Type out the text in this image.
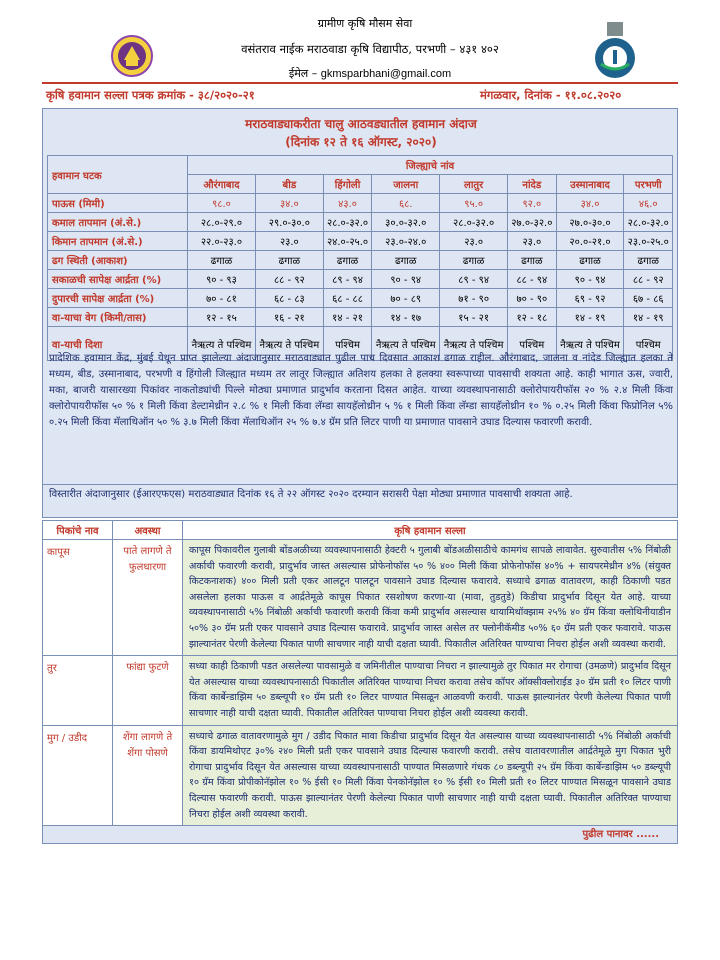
ग्रामीण कृषि मौसम सेवा
वसंतराव नाईक मराठवाडा कृषि विद्यापीठ, परभणी – ४३१ ४०२
ईमेल – gkmsparbhani@gmail.com
कृषि हवामान सल्ला पत्रक क्रमांक - ३८/२०२०-२१	मंगळवार, दिनांक - ११.०८.२०२०
मराठवाड्याकरीता चालु आठवड्यातील हवामान अंदाज
(दिनांक १२ ते १६ ऑगस्ट, २०२०)
हवामान घटक	जिल्ह्याचे नांव							
	औरंगाबाद	बीड	हिंगोली	जालना	लातुर	नांदेड	उस्मानाबाद	परभणी
पाऊस (मिमी)	९८.०	३४.०	४३.०	६८.	९५.०	९२.०	३४.०	४६.०
कमाल तापमान (अं.से.)	२८.०-२९.०	२९.०-३०.०	२८.०-३२.०	३०.०-३२.०	२८.०-३२.०	२७.०-३२.०	२७.०-३०.०	२८.०-३२.०
किमान तापमान (अं.से.)	२२.०-२३.०	२३.०	२४.०-२५.०	२३.०-२४.०	२३.०	२३.०	२०.०-२१.०	२३.०-२५.०
ढग स्थिती (आकाश)	ढगाळ	ढगाळ	ढगाळ	ढगाळ	ढगाळ	ढगाळ	ढगाळ	ढगाळ
सकाळची सापेक्ष आर्द्रता (%)	९० - ९३	८८ - ९२	८९ - ९४	९० - ९४	८९ - ९४	८८ - ९४	९० - ९४	८८ - ९२
दुपारची सापेक्ष आर्द्रता (%)	७० - ८१	६८ - ८३	६८ - ८८	७० - ८९	७१ - ९०	७० - ९०	६९ - ९२	६७ - ८६
वा-याचा वेग (किमी/तास)	१२ - १५	१६ - २१	१४ - २१	१४ - १७	१५ - २१	१२ - १८	१४ - १९	१४ - १९
वा-याची दिशा	नैऋत्य ते पश्चिम	नैऋत्य ते पश्चिम	पश्चिम	नैऋत्य ते पश्चिम	नैऋत्य ते पश्चिम	पश्चिम	नैऋत्य ते पश्चिम	पश्चिम
प्रादेशिक हवामान केंद्र, मुंबई येथून प्राप्त झालेल्या अंदाजानुसार मराठवाड्यात पुढील पाच दिवसात आकाश ढगाळ राहील. औरंगाबाद, जालना व नांदेड जिल्ह्यात हलका ते मध्यम, बीड, उस्मानाबाद, परभणी व हिंगोली जिल्ह्यात मध्यम तर लातूर जिल्ह्यात अतिशय हलका ते हलक्या स्वरूपाच्या पावसाची शक्यता आहे. काही भागात ऊस, ज्वारी, मका, बाजरी यासारख्या पिकांवर नाकतोड्यांची पिल्ले मोठ्या प्रमाणात प्रादुर्भाव करताना दिसत आहेत. याच्या व्यवस्थापनासाठी क्लोरोपायरीफॉस २० % २.४ मिली किंवा क्लोरोपायरीफॉस ५० % १ मिली किंवा डेल्टामेथ्रीन २.८ % १ मिली किंवा लॅम्डा सायहॅलोथ्रीन ५ % १ मिली किंवा लॅम्डा सायहॅलोथ्रीन १० % ०.२५ मिली किंवा फिप्रोनिल ५% ०.२५ मिली किंवा मॅलाथिऑन ५० % ३.७ मिली किंवा मॅलाथिऑन २५ % ७.४ ग्रॅम प्रति लिटर पाणी या प्रमाणात पावसाने उघाड दिल्यास फवारणी करावी.
विस्तारीत अंदाजानुसार (ईआरएफएस) मराठवाड्यात दिनांक १६ ते २२ ऑगस्ट २०२० दरम्यान सरासरी पेक्षा मोठ्या प्रमाणात पावसाची शक्यता आहे.
पिकांचे नाव	अवस्था	कृषि हवामान सल्ला
कापूस	पाते लागणे ते फुलधारणा	कापूस पिकावरील गुलाबी बोंडअळीच्या व्यवस्थापनासाठी हेक्टरी ५ गुलाबी बोंडअळीसाठीचे कामगंध सापळे लावावेत. सुरुवातीस ५% निंबोळी अर्काची फवारणी करावी, प्रादुर्भाव जास्त असल्यास प्रोफेनोफॉस ५० % ४०० मिली किंवा प्रोफेनोफॉस ४०% + सायपरमेथ्रीन ४% (संयुक्त किटकनाशक) ४०० मिली प्रती एकर आलटून पालटून पावसाने उघाड दिल्यास फवारावे. सध्याचे ढगाळ वातावरण, काही ठिकाणी पडत असलेला हलका पाऊस व आर्द्रतेमूळे कापूस पिकात रसशोषण करणा-या (मावा, तुडतुडे) किडीचा प्रादुर्भाव दिसून येत आहे. याच्या व्यवस्थापनासाठी ५% निंबोळी अर्काची फवारणी करावी किंवा कमी प्रादुर्भाव असल्यास थायामिथॉक्झाम २५% ४० ग्रॅम किंवा क्लोथिनीयाडीन ५०% ३० ग्रॅम प्रती एकर पावसाने उघाड दिल्यास फवारावे. प्रादुर्भाव जास्त असेल तर फ्लोनीकॅमीड ५०% ६० ग्रॅम प्रती एकर फवारावे. पाऊस झाल्यानंतर पेरणी केलेल्या पिकात पाणी साचणार नाही याची दक्षता घ्यावी. पिकातील अतिरिक्त पाण्याचा निचरा होईल अशी व्यवस्था करावी.
तुर	फांद्या फुटणे	सध्या काही ठिकाणी पडत असलेल्या पावसामुळे व जमिनीतील पाण्याचा निचरा न झाल्यामुळे तुर पिकात मर रोगाचा (उमळणे) प्रादुर्भाव दिसून येत असल्यास याच्या व्यवस्थापनासाठी पिकातील अतिरिक्त पाण्याचा निचरा करावा तसेच कॉपर ऑक्सीक्लोराईड ३० ग्रॅम प्रती १० लिटर पाणी किंवा कार्बेन्डाझिम ५० डब्ल्यूपी १० ग्रॅम प्रती १० लिटर पाण्यात मिसळून आळवणी करावी. पाऊस झाल्यानंतर पेरणी केलेल्या पिकात पाणी साचणार नाही याची दक्षता घ्यावी. पिकातील अतिरिक्त पाण्याचा निचरा होईल अशी व्यवस्था करावी.
मुग / उडीद	शेंगा लागणे ते शेंगा पोसणे	सध्याचे ढगाळ वातावरणामुळे मुग / उडीद पिकात मावा किडीचा प्रादुर्भाव दिसून येत असल्यास याच्या व्यवस्थापनासाठी ५% निंबोळी अर्काची किंवा डायमिथोएट ३०% २४० मिली प्रती एकर पावसाने उघाड दिल्यास फवारणी करावी. तसेच वातावरणातील आर्द्रतेमूळे मुग पिकात भुरी रोगाचा प्रादुर्भाव दिसून येत असल्यास याच्या व्यवस्थापनासाठी पाण्यात मिसळणारे गंधक ८० डब्ल्यूपी २५ ग्रॅम किंवा कार्बेन्डाझिम ५० डब्ल्यूपी १० ग्रॅम किंवा प्रोपीकोनॅझोल १० % ईसी १० मिली किंवा पेनकोनॅझोल १० % ईसी १० मिली प्रती १० लिटर पाण्यात मिसळून पावसाने उघाड दिल्यास फवारणी करावी. पाऊस झाल्यानंतर पेरणी केलेल्या पिकात पाणी साचणार नाही याची दक्षता घ्यावी. पिकातील अतिरिक्त पाण्याचा निचरा होईल अशी व्यवस्था करावी.
पुढील पानावर ......		
